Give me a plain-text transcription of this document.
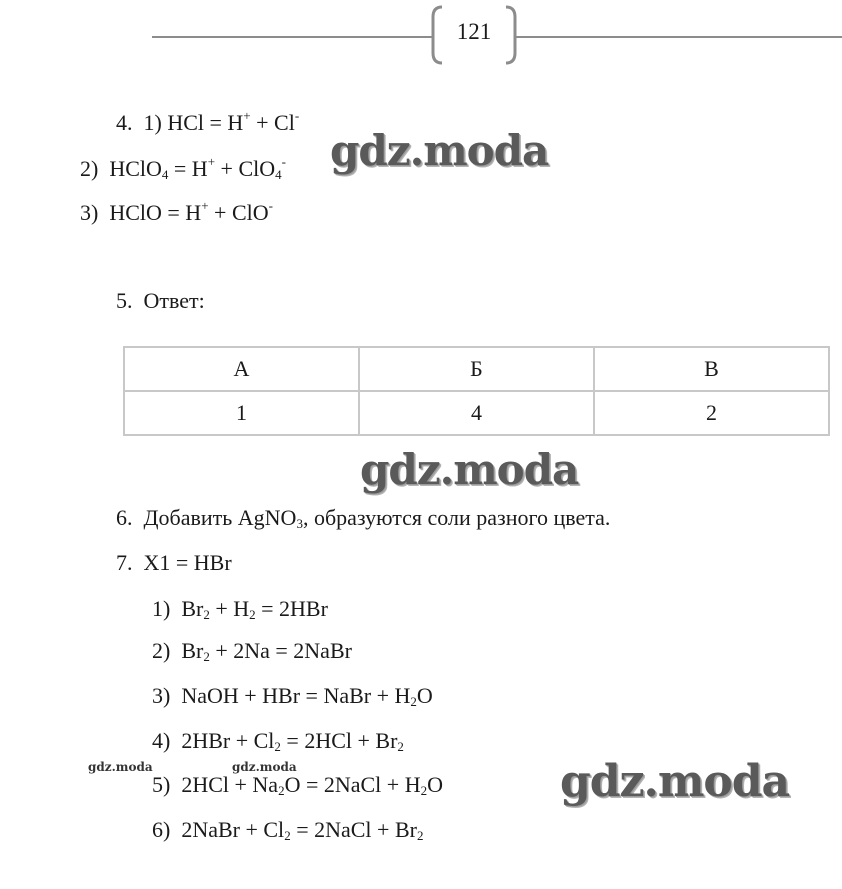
121
4. 1) HCl = H+ + Cl-
2) HClO$_4$ = H+ + ClO$_4$-
3) HClO = H+ + ClO-
gdz.moda
5. Ответ:
А	Б	В
1	4	2
gdz.moda
6. Добавить AgNO$_3$, образуются соли разного цвета.
7. X1 = HBr
1) $Br_2 + H_2 = 2HBr$
2) $Br_2 + 2Na$ = 2NaBr
3) NaOH + HBr = NaBr + $H_2O$
4) $2HBr + Cl_2 = 2HCl + Br_2$
5) $2HCl + Na_2O$ = 2NaCl + $H_2O$
6) 2NaBr + $Cl_2$ = 2NaCl + $Br_2$
gdz.moda	gdz.moda	gdz.moda
